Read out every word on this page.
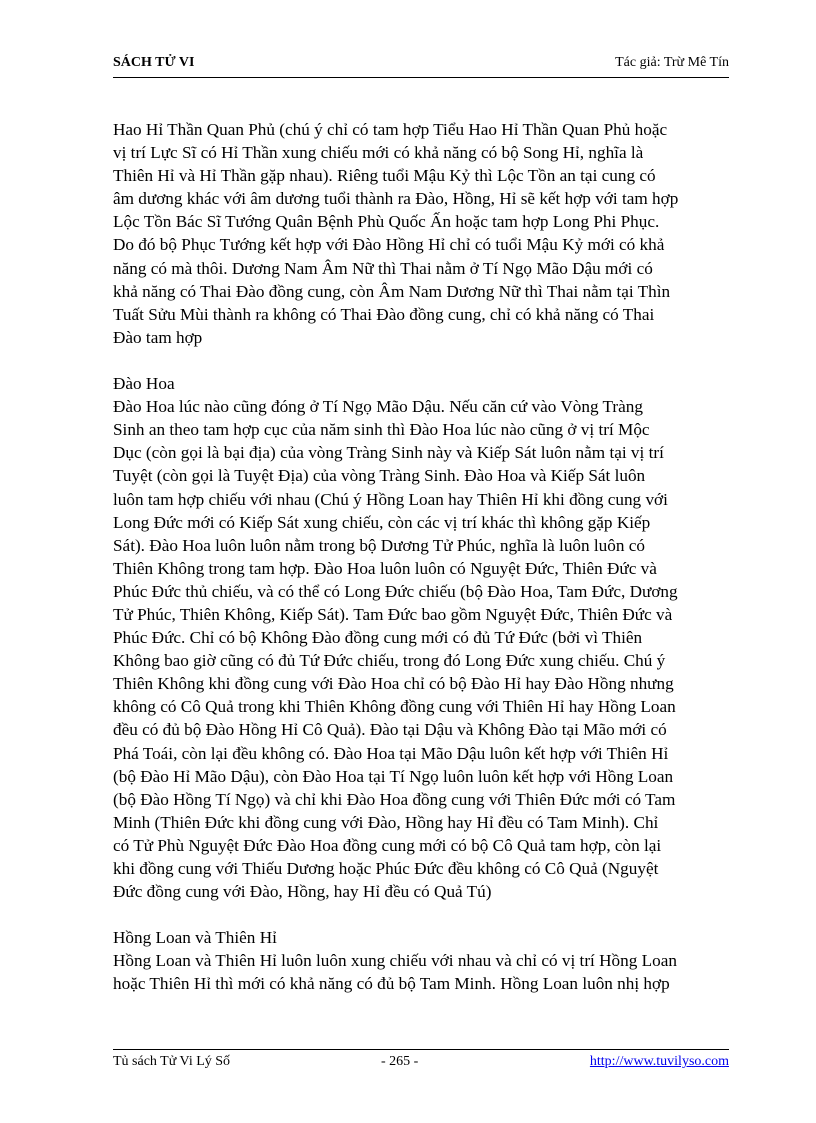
SÁCH TỬ VI	Tác giả: Trừ Mê Tín
Hao Hỉ Thần Quan Phủ (chú ý chỉ có tam hợp Tiểu Hao Hỉ Thần Quan Phủ hoặc
vị trí Lực Sĩ có Hỉ Thần xung chiếu mới có khả năng có bộ Song Hỉ, nghĩa là
Thiên Hỉ và Hỉ Thần gặp nhau). Riêng tuổi Mậu Kỷ thì Lộc Tồn an tại cung có
âm dương khác với âm dương tuổi thành ra Đào, Hồng, Hỉ sẽ kết hợp với tam hợp
Lộc Tồn Bác Sĩ Tướng Quân Bệnh Phù Quốc Ấn hoặc tam hợp Long Phi Phục.
Do đó bộ Phục Tướng kết hợp với Đào Hồng Hỉ chỉ có tuổi Mậu Kỷ mới có khả
năng có mà thôi. Dương Nam Âm Nữ thì Thai nằm ở Tí Ngọ Mão Dậu mới có
khả năng có Thai Đào đồng cung, còn Âm Nam Dương Nữ thì Thai nằm tại Thìn
Tuất Sửu Mùi thành ra không có Thai Đào đồng cung, chỉ có khả năng có Thai
Đào tam hợp
Đào Hoa
Đào Hoa lúc nào cũng đóng ở Tí Ngọ Mão Dậu. Nếu căn cứ vào Vòng Tràng
Sinh an theo tam hợp cục của năm sinh thì Đào Hoa lúc nào cũng ở vị trí Mộc
Dục (còn gọi là bại địa) của vòng Tràng Sinh này và Kiếp Sát luôn nằm tại vị trí
Tuyệt (còn gọi là Tuyệt Địa) của vòng Tràng Sinh. Đào Hoa và Kiếp Sát luôn
luôn tam hợp chiếu với nhau (Chú ý Hồng Loan hay Thiên Hỉ khi đồng cung với
Long Đức mới có Kiếp Sát xung chiếu, còn các vị trí khác thì không gặp Kiếp
Sát). Đào Hoa luôn luôn nằm trong bộ Dương Tử Phúc, nghĩa là luôn luôn có
Thiên Không trong tam hợp. Đào Hoa luôn luôn có Nguyệt Đức, Thiên Đức và
Phúc Đức thủ chiếu, và có thể có Long Đức chiếu (bộ Đào Hoa, Tam Đức, Dương
Tử Phúc, Thiên Không, Kiếp Sát). Tam Đức bao gồm Nguyệt Đức, Thiên Đức và
Phúc Đức. Chỉ có bộ Không Đào đồng cung mới có đủ Tứ Đức (bởi vì Thiên
Không bao giờ cũng có đủ Tứ Đức chiếu, trong đó Long Đức xung chiếu. Chú ý
Thiên Không khi đồng cung với Đào Hoa chỉ có bộ Đào Hỉ hay Đào Hồng nhưng
không có Cô Quả trong khi Thiên Không đồng cung với Thiên Hỉ hay Hồng Loan
đều có đủ bộ Đào Hồng Hỉ Cô Quả). Đào tại Dậu và Không Đào tại Mão mới có
Phá Toái, còn lại đều không có. Đào Hoa tại Mão Dậu luôn kết hợp với Thiên Hỉ
(bộ Đào Hỉ Mão Dậu), còn Đào Hoa tại Tí Ngọ luôn luôn kết hợp với Hồng Loan
(bộ Đào Hồng Tí Ngọ) và chỉ khi Đào Hoa đồng cung với Thiên Đức mới có Tam
Minh (Thiên Đức khi đồng cung với Đào, Hồng hay Hỉ đều có Tam Minh). Chỉ
có Tử Phù Nguyệt Đức Đào Hoa đồng cung mới có bộ Cô Quả tam hợp, còn lại
khi đồng cung với Thiếu Dương hoặc Phúc Đức đều không có Cô Quả (Nguyệt
Đức đồng cung với Đào, Hồng, hay Hỉ đều có Quả Tú)
Hồng Loan và Thiên Hỉ
Hồng Loan và Thiên Hỉ luôn luôn xung chiếu với nhau và chỉ có vị trí Hồng Loan
hoặc Thiên Hỉ thì mới có khả năng có đủ bộ Tam Minh. Hồng Loan luôn nhị hợp
Tủ sách Tử Vi Lý Số	- 265 -	http://www.tuvilyso.com
